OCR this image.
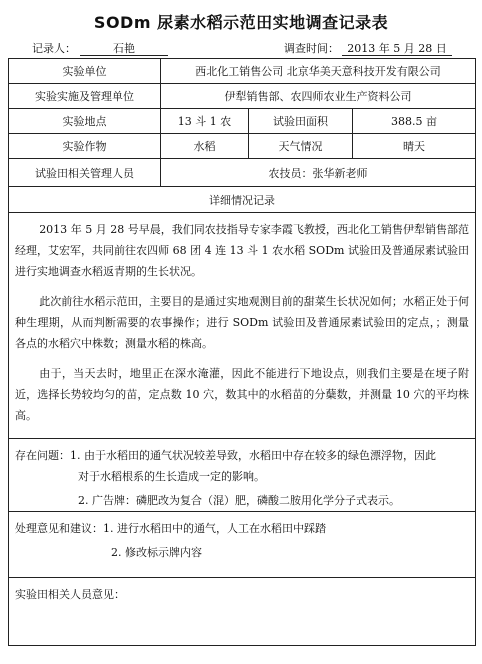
SODm 尿素水稻示范田实地调查记录表
记录人：	石艳	调查时间： 2013 年 5 月 28 日
实验单位	西北化工销售公司 北京华美天意科技开发有限公司		
实验实施及管理单位	伊犁销售部、农四师农业生产资料公司		
实验地点	13 斗 1 农	试验田面积	388.5 亩
实验作物	水稻	天气情况	晴天
试验田相关管理人员	农技员：张华新老师		
详细情况记录			

2013 年 5 月 28 号早晨，我们同农技指导专家李霞飞教授，西北化工销售伊犁销售部范经理，艾宏军，共同前往农四师 68 团 4 连 13 斗 1 农水稻 SODm 试验田及普通尿素试验田进行实地调查水稻返青期的生长状况。

此次前往水稻示范田，主要目的是通过实地观测目前的甜菜生长状况如何；水稻正处于何种生理期，从而判断需要的农事操作；进行 SODm 试验田及普通尿素试验田的定点，；测量各点的水稻穴中株数；测量水稻的株高。

由于，当天去时，地里正在深水淹灌，因此不能进行下地设点，则我们主要是在埂子附近，选择长势较均匀的苗，定点数 10 穴，数其中的水稻苗的分蘖数，并测量 10 穴的平均株高。			

存在问题：1. 由于水稻田的通气状况较差导致，水稻田中存在较多的绿色漂浮物，因此

对于水稻根系的生长造成一定的影响。

2. 广告牌：磷肥改为复合（混）肥，磷酸二胺用化学分子式表示。			

处理意见和建议：1. 进行水稻田中的通气，人工在水稻田中踩踏

2. 修改标示牌内容			

实验田相关人员意见：			
